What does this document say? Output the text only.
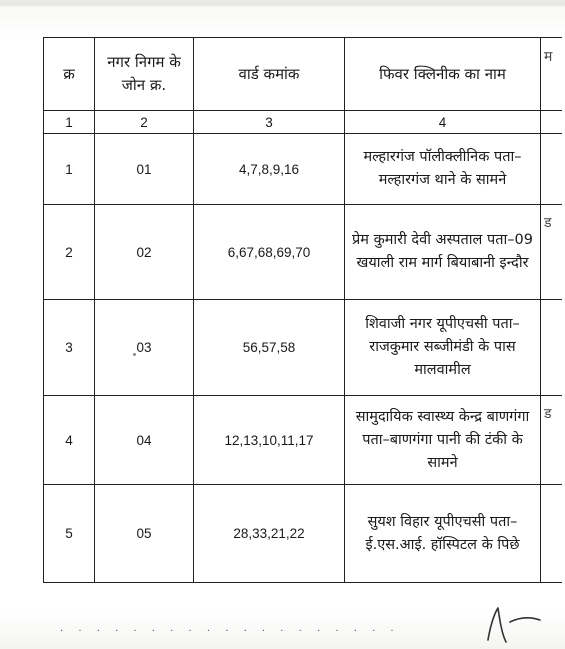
क्र	नगर निगम के जोन क्र.	वार्ड कमांक	फिवर क्लिनीक का नाम	म
1	2	3	4	
1	01	4,7,8,9,16	मल्हारगंज पॉलीक्लीनिक पता–मल्हारगंज थाने के सामने	
2	02	6,67,68,69,70	प्रेम कुमारी देवी अस्पताल पता–09 खयाली राम मार्ग बियाबानी इन्दौर	ड
3	03	56,57,58	शिवाजी नगर यूपीएचसी पता–राजकुमार सब्जीमंडी के पास मालवामील	
4	04	12,13,10,11,17	सामुदायिक स्वास्थ्य केन्द्र बाणगंगा पता–बाणगंगा पानी की टंकी के सामने	ड
5	05	28,33,21,22	सुयश विहार यूपीएचसी पता–ई.एस.आई. हॉस्पिटल के पिछे	
· · · · · · · · · · · · · · · · · · ·
